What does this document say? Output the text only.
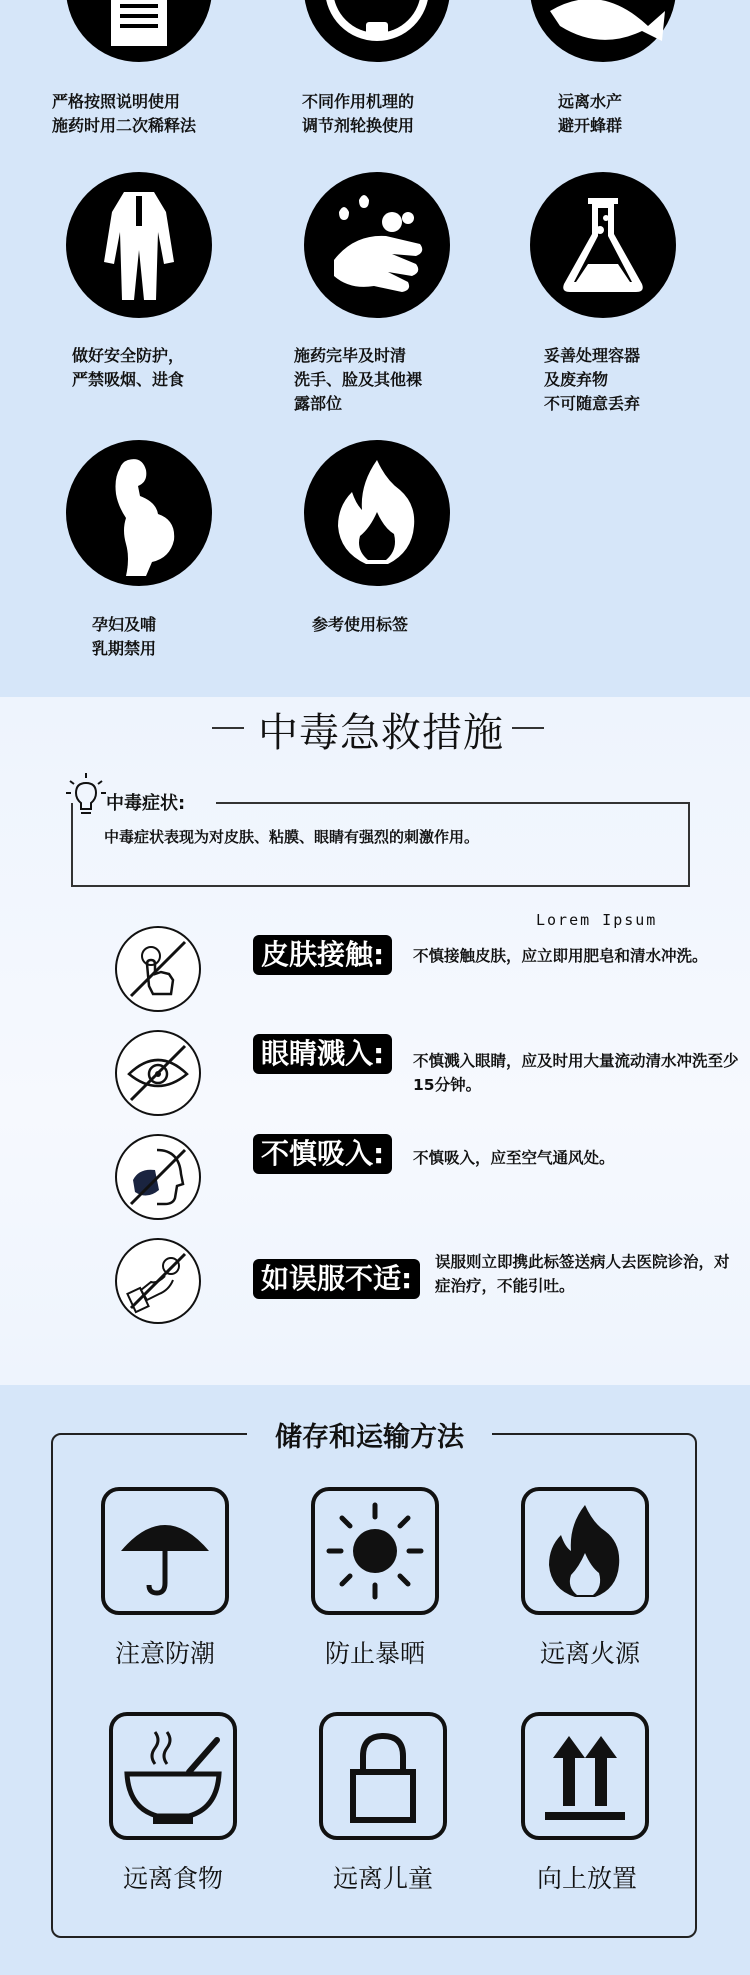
严格按照说明使用
施药时用二次稀释法
不同作用机理的
调节剂轮换使用
远离水产
避开蜂群
做好安全防护，
严禁吸烟、进食
施药完毕及时清
洗手、脸及其他裸
露部位
妥善处理容器
及废弃物
不可随意丢弃
孕妇及哺
乳期禁用
参考使用标签
中毒急救措施
中毒症状:
中毒症状表现为对皮肤、粘膜、眼睛有强烈的刺激作用。
Lorem Ipsum
皮肤接触:	不慎接触皮肤，应立即用肥皂和清水冲洗。
眼睛溅入:	不慎溅入眼睛，应及时用大量流动清水冲洗至少15分钟。
不慎吸入:	不慎吸入，应至空气通风处。
如误服不适:	误服则立即携此标签送病人去医院诊治，对症治疗，不能引吐。
储存和运输方法
注意防潮	防止暴晒	远离火源
远离食物	远离儿童	向上放置
